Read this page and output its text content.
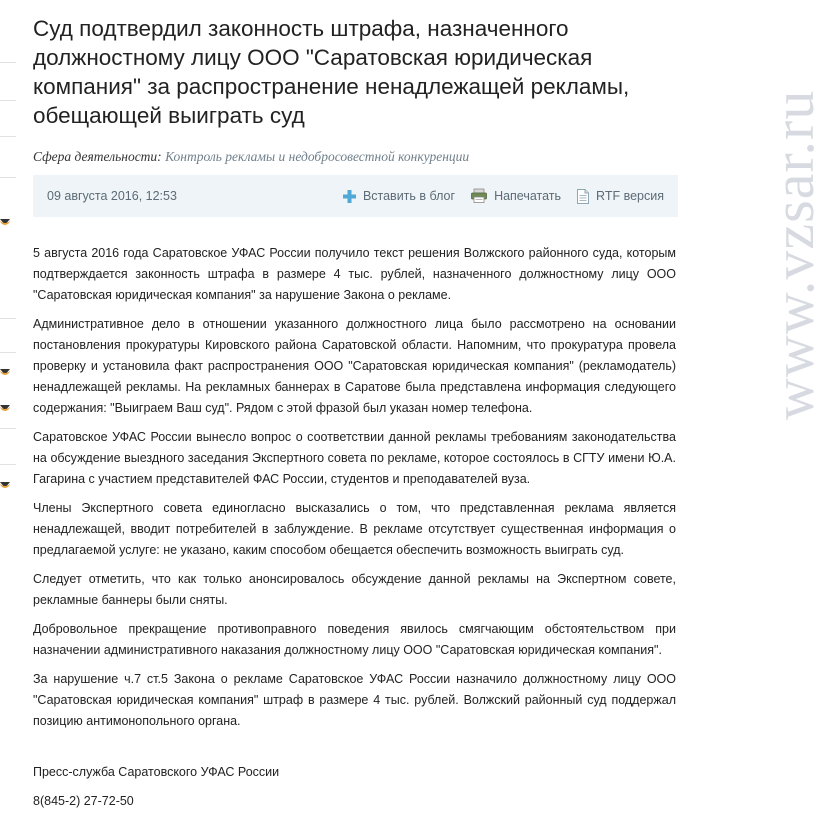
Суд подтвердил законность штрафа, назначенного должностному лицу ООО "Саратовская юридическая компания" за распространение ненадлежащей рекламы, обещающей выиграть суд
Сфера деятельности: Контроль рекламы и недобросовестной конкуренции
09 августа 2016, 12:53	Вставить в блог	Напечатать	RTF версия

5 августа 2016 года Саратовское УФАС России получило текст решения Волжского районного суда, которым подтверждается законность штрафа в размере 4 тыс. рублей, назначенного должностному лицу ООО "Саратовская юридическая компания" за нарушение Закона о рекламе.

Административное дело в отношении указанного должностного лица было рассмотрено на основании постановления прокуратуры Кировского района Саратовской области. Напомним, что прокуратура провела проверку и установила факт распространения ООО "Саратовская юридическая компания" (рекламодатель) ненадлежащей рекламы. На рекламных баннерах в Саратове была представлена информация следующего содержания: "Выиграем Ваш суд". Рядом с этой фразой был указан номер телефона.

Саратовское УФАС России вынесло вопрос о соответствии данной рекламы требованиям законодательства на обсуждение выездного заседания Экспертного совета по рекламе, которое состоялось в СГТУ имени Ю.А. Гагарина с участием представителей ФАС России, студентов и преподавателей вуза.

Члены Экспертного совета единогласно высказались о том, что представленная реклама является ненадлежащей, вводит потребителей в заблуждение. В рекламе отсутствует существенная информация о предлагаемой услуге: не указано, каким способом обещается обеспечить возможность выиграть суд.

Следует отметить, что как только анонсировалось обсуждение данной рекламы на Экспертном совете, рекламные баннеры были сняты.

Добровольное прекращение противоправного поведения явилось смягчающим обстоятельством при назначении административного наказания должностному лицу ООО "Саратовская юридическая компания".

За нарушение ч.7 ст.5 Закона о рекламе Саратовское УФАС России назначило должностному лицу ООО "Саратовская юридическая компания" штраф в размере 4 тыс. рублей. Волжский районный суд поддержал позицию антимонопольного органа.

Пресс-служба Саратовского УФАС России
8(845-2) 27-72-50
www.vzsar.ru
